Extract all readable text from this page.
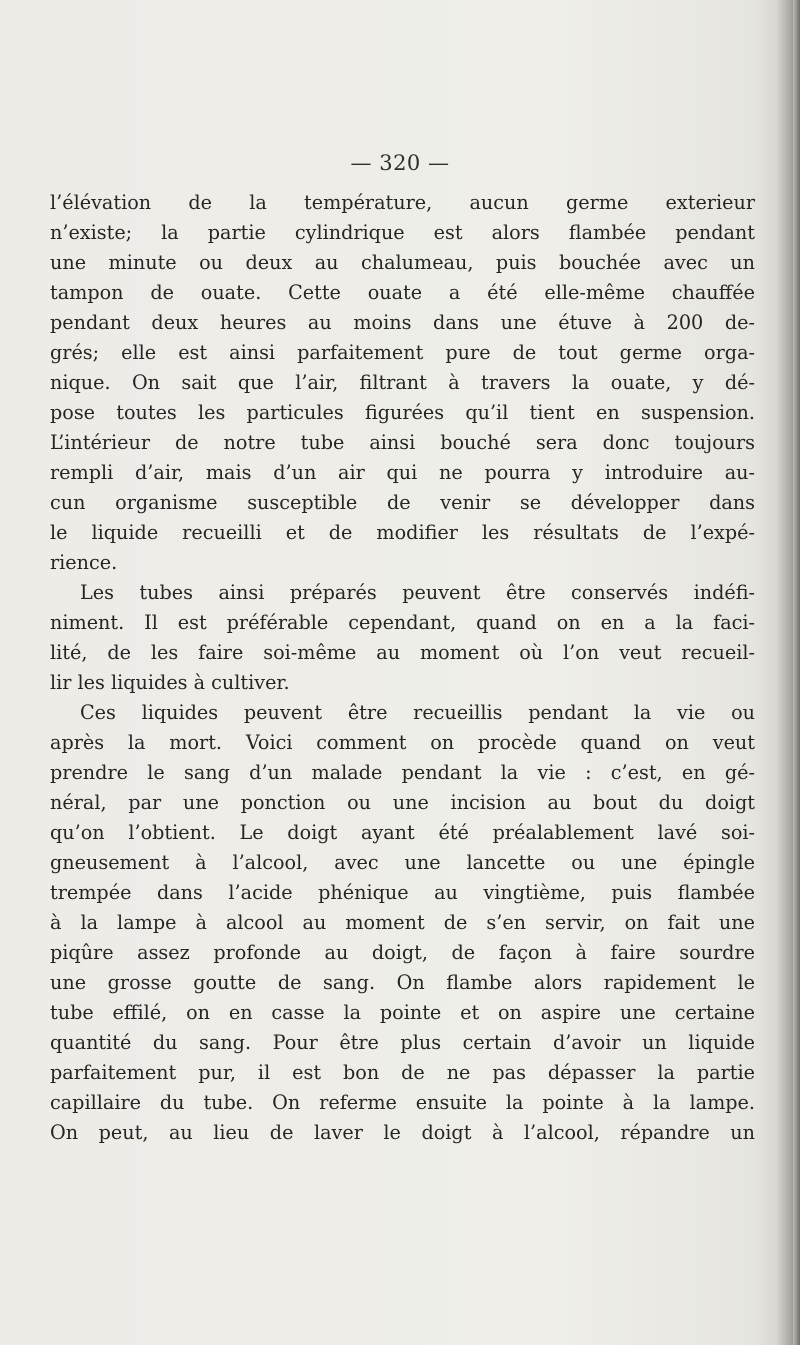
— 320 —
l’élévation de la température, aucun germe exterieur
n’existe; la partie cylindrique est alors flambée pendant
une minute ou deux au chalumeau, puis bouchée avec un
tampon de ouate. Cette ouate a été elle-même chauffée
pendant deux heures au moins dans une étuve à 200 de-
grés; elle est ainsi parfaitement pure de tout germe orga-
nique. On sait que l’air, filtrant à travers la ouate, y dé-
pose toutes les particules figurées qu’il tient en suspension.
L’intérieur de notre tube ainsi bouché sera donc toujours
rempli d’air, mais d’un air qui ne pourra y introduire au-
cun organisme susceptible de venir se développer dans
le liquide recueilli et de modifier les résultats de l’expé-
rience.
Les tubes ainsi préparés peuvent être conservés indéfi-
niment. Il est préférable cependant, quand on en a la faci-
lité, de les faire soi-même au moment où l’on veut recueil-
lir les liquides à cultiver.
Ces liquides peuvent être recueillis pendant la vie ou
après la mort. Voici comment on procède quand on veut
prendre le sang d’un malade pendant la vie : c’est, en gé-
néral, par une ponction ou une incision au bout du doigt
qu’on l’obtient. Le doigt ayant été préalablement lavé soi-
gneusement à l’alcool, avec une lancette ou une épingle
trempée dans l’acide phénique au vingtième, puis flambée
à la lampe à alcool au moment de s’en servir, on fait une
piqûre assez profonde au doigt, de façon à faire sourdre
une grosse goutte de sang. On flambe alors rapidement le
tube effilé, on en casse la pointe et on aspire une certaine
quantité du sang. Pour être plus certain d’avoir un liquide
parfaitement pur, il est bon de ne pas dépasser la partie
capillaire du tube. On referme ensuite la pointe à la lampe.
On peut, au lieu de laver le doigt à l’alcool, répandre un
